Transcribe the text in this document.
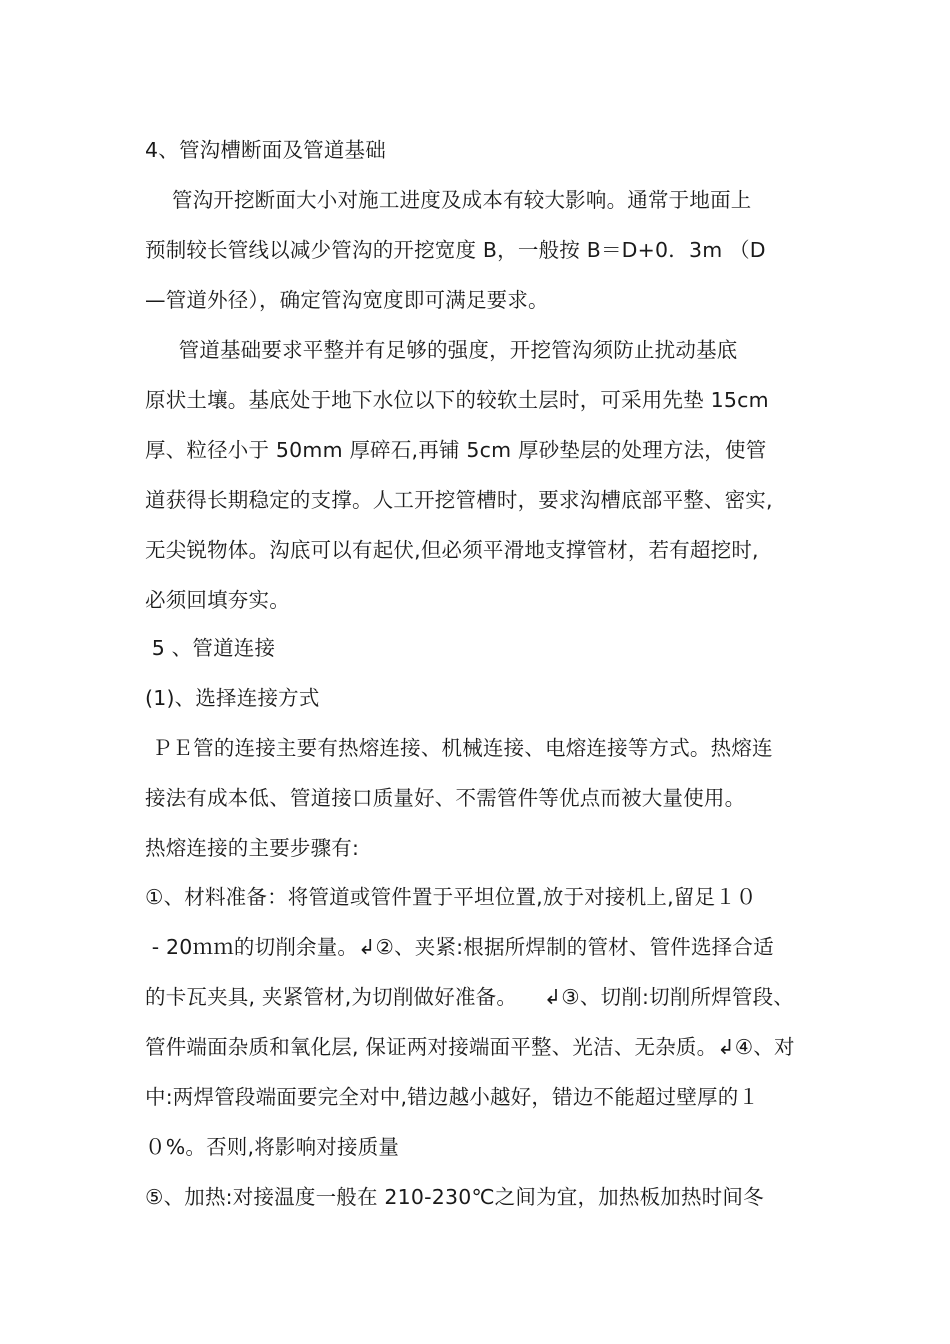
4、管沟槽断面及管道基础
管沟开挖断面大小对施工进度及成本有较大影响。通常于地面上
预制较长管线以减少管沟的开挖宽度 B，一般按 B＝D+0．3m （D
—管道外径），确定管沟宽度即可满足要求。
管道基础要求平整并有足够的强度，开挖管沟须防止扰动基底
原状土壤。基底处于地下水位以下的较软土层时，可采用先垫 15cm
厚、粒径小于 50mm 厚碎石,再铺 5cm 厚砂垫层的处理方法，使管
道获得长期稳定的支撑。人工开挖管槽时，要求沟槽底部平整、密实,
无尖锐物体。沟底可以有起伏,但必须平滑地支撑管材，若有超挖时,
必须回填夯实。
5 、管道连接
(1)、选择连接方式
ＰＥ管的连接主要有热熔连接、机械连接、电熔连接等方式。热熔连
接法有成本低、管道接口质量好、不需管件等优点而被大量使用。
热熔连接的主要步骤有:
①、材料准备：将管道或管件置于平坦位置,放于对接机上,留足１０
- 20ｍｍ的切削余量。↲②、夹紧:根据所焊制的管材、管件选择合适
的卡瓦夹具, 夹紧管材,为切削做好准备。    ↲③、切削:切削所焊管段、
管件端面杂质和氧化层, 保证两对接端面平整、光洁、无杂质。↲④、对
中:两焊管段端面要完全对中,错边越小越好，错边不能超过壁厚的１
０%。否则,将影响对接质量
⑤、加热:对接温度一般在 210-230℃之间为宜，加热板加热时间冬
